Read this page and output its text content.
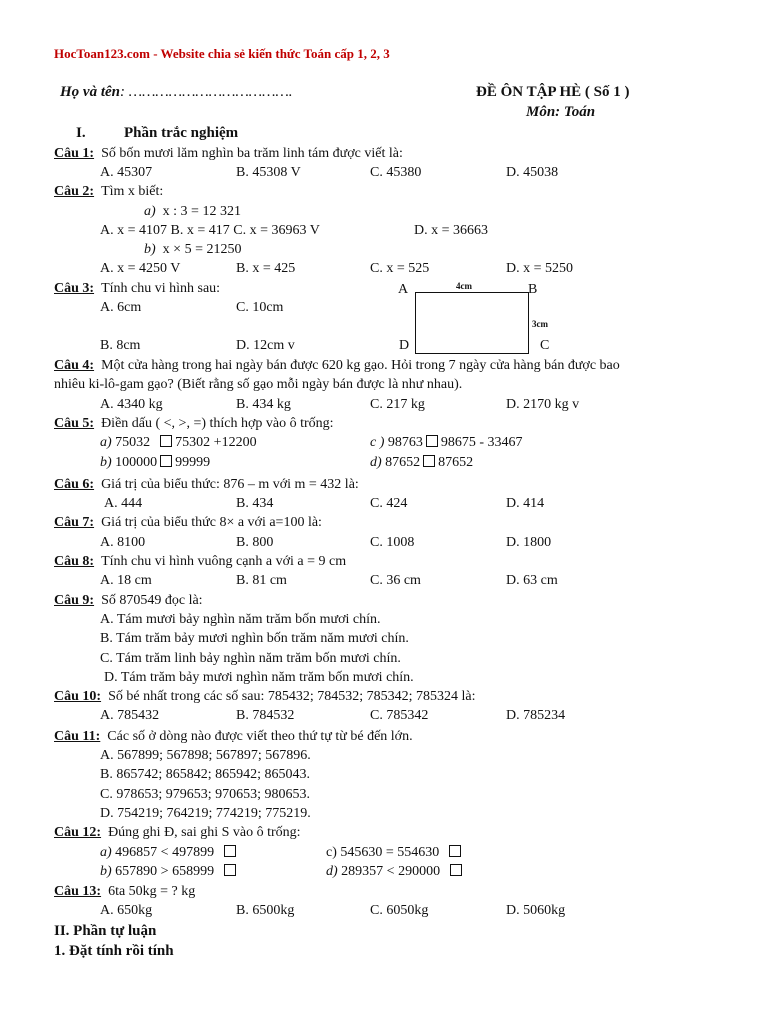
HocToan123.com - Website chia sẻ kiến thức Toán cấp 1, 2, 3
Họ và tên: ……………………………….	ĐỀ ÔN TẬP HÈ ( Số 1 )
Môn: Toán
I.	Phần trắc nghiệm
Câu 1: Số bốn mươi lăm nghìn ba trăm linh tám được viết là:
A. 45307	B. 45308 V	C. 45380	D. 45038
Câu 2: Tìm x biết:
a) x : 3 = 12 321
A. x = 4107 B. x = 417 C. x = 36963 V	D. x = 36663
b) x × 5 = 21250
A. x = 4250 V	B. x = 425	C. x = 525	D. x = 5250
Câu 3: Tính chu vi hình sau:
A. 6cm	C. 10cm
B. 8cm	D. 12cm v
A	B
C
D
4cm
3cm
Câu 4: Một cửa hàng trong hai ngày bán được 620 kg gạo. Hỏi trong 7 ngày cửa hàng bán được bao
nhiêu ki-lô-gam gạo? (Biết rằng số gạo mỗi ngày bán được là như nhau).
A. 4340 kg	B. 434 kg	C. 217 kg	D. 2170 kg v
Câu 5: Điền dấu ( <, >, =) thích hợp vào ô trống:
a) 75032 75302 +12200	c ) 98763 98675 - 33467
b) 100000 99999	d) 87652 87652
Câu 6: Giá trị của biểu thức: 876 – m với m = 432 là:
A. 444	B. 434	C. 424	D. 414
Câu 7: Giá trị của biểu thức 8× a với a=100 là:
A. 8100	B. 800	C. 1008	D. 1800
Câu 8: Tính chu vi hình vuông cạnh a với a = 9 cm
A. 18 cm	B. 81 cm	C. 36 cm	D. 63 cm
Câu 9: Số 870549 đọc là:
A. Tám mươi bảy nghìn năm trăm bốn mươi chín.
B. Tám trăm bảy mươi nghìn bốn trăm năm mươi chín.
C. Tám trăm linh bảy nghìn năm trăm bốn mươi chín.
D. Tám trăm bảy mươi nghìn năm trăm bốn mươi chín.
Câu 10: Số bé nhất trong các số sau: 785432; 784532; 785342; 785324 là:
A. 785432	B. 784532	C. 785342	D. 785234
Câu 11: Các số ở dòng nào được viết theo thứ tự từ bé đến lớn.
A. 567899; 567898; 567897; 567896.
B. 865742; 865842; 865942; 865043.
C. 978653; 979653; 970653; 980653.
D. 754219; 764219; 774219; 775219.
Câu 12: Đúng ghi Đ, sai ghi S vào ô trống:
a) 496857 < 497899	c) 545630 = 554630
b) 657890 > 658999	d) 289357 < 290000
Câu 13: 6ta 50kg = ? kg
A. 650kg	B. 6500kg	C. 6050kg	D. 5060kg
II. Phần tự luận
1. Đặt tính rồi tính
